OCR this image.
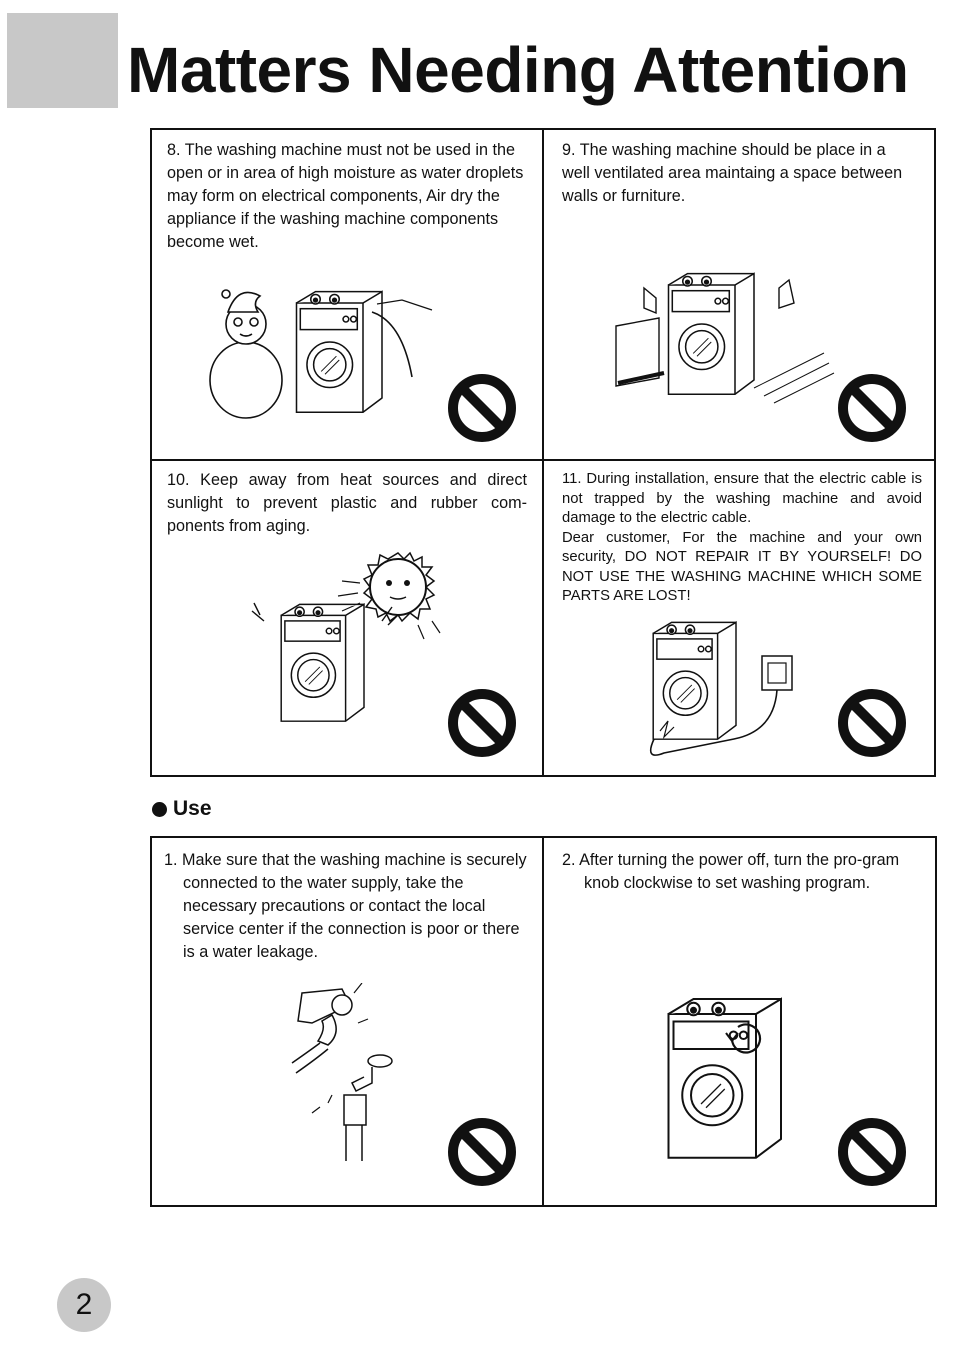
Matters Needing Attention

8. The washing machine must not be used in the open or in area of high moisture as water droplets may form on electrical components, Air dry the appliance if the washing machine components become wet.

9. The washing machine should be place in a well ventilated area maintaing a space between walls or furniture.

10. Keep away from heat sources and direct sunlight to prevent plastic and rubber com-ponents from aging.

11. During installation, ensure that the electric cable is not trapped by the washing machine and avoid damage to the electric cable.
Dear customer, For the machine and your own security, DO NOT REPAIR IT BY YOURSELF! DO NOT USE THE WASHING MACHINE WHICH SOME PARTS ARE LOST!

Use

1. Make sure that the washing machine is securely connected to the water supply, take the necessary precautions or contact the local service center if the connection is poor or there is a water leakage.

2. After turning the power off, turn the pro-gram knob clockwise to set washing program.

2
